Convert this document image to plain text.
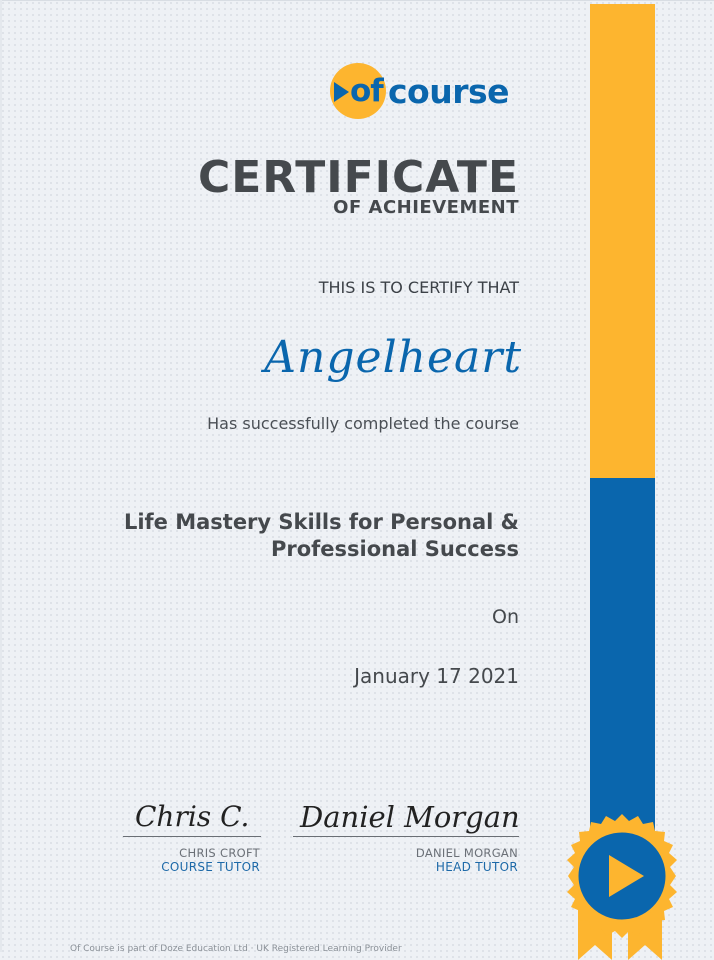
of course
CERTIFICATE
OF ACHIEVEMENT
THIS IS TO CERTIFY THAT
Angelheart
Has successfully completed the course
Life Mastery Skills for Personal &
Professional Success
On
January 17 2021
Chris C. Daniel Morgan
CHRIS CROFT
COURSE TUTOR
DANIEL MORGAN
HEAD TUTOR
Of Course is part of Doze Education Ltd · UK Registered Learning Provider
